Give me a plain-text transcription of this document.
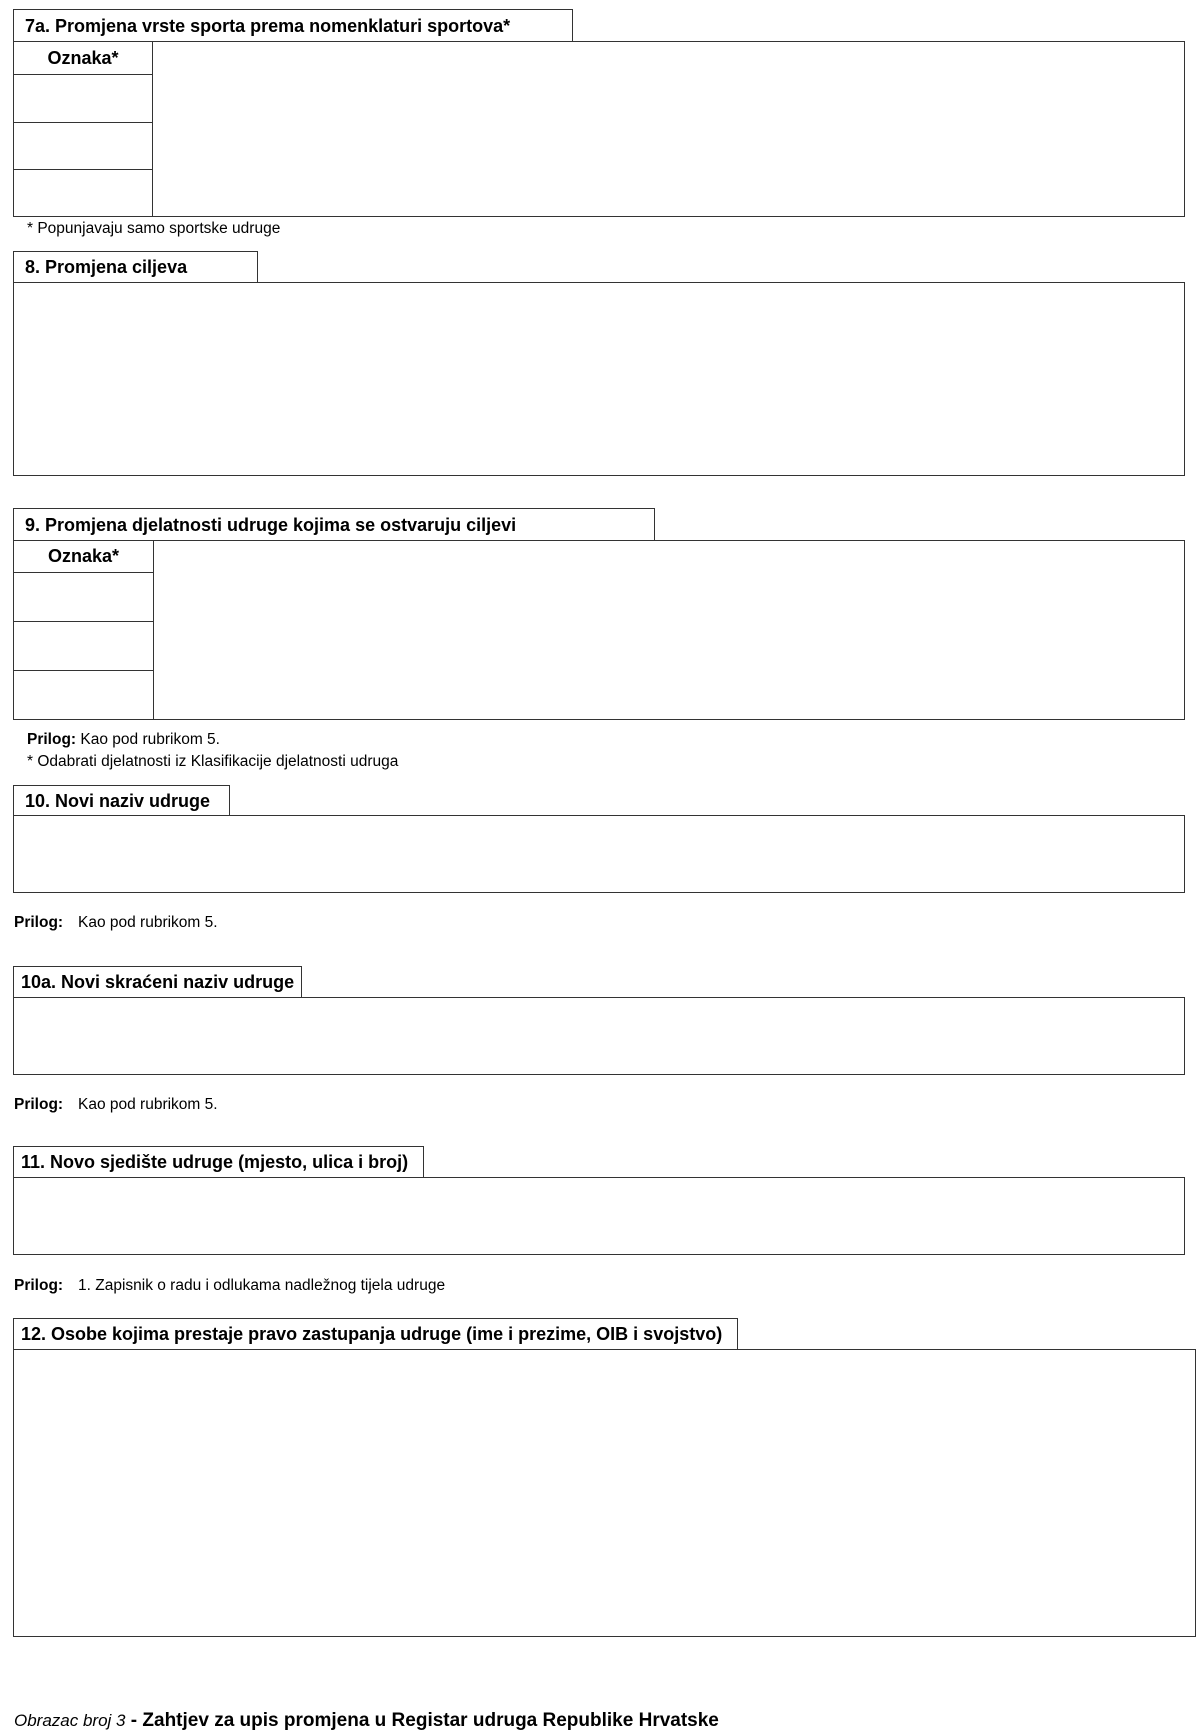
7a. Promjena vrste sporta prema nomenklaturi sportova*
Oznaka*
* Popunjavaju samo sportske udruge
8. Promjena ciljeva
9. Promjena djelatnosti udruge kojima se ostvaruju ciljevi
Oznaka*
Prilog: Kao pod rubrikom 5.
* Odabrati djelatnosti iz Klasifikacije djelatnosti udruga
10. Novi naziv udruge
Prilog: Kao pod rubrikom 5.
10a. Novi skraćeni naziv udruge
Prilog: Kao pod rubrikom 5.
11. Novo sjedište udruge (mjesto, ulica i broj)
Prilog: 1. Zapisnik o radu i odlukama nadležnog tijela udruge
12. Osobe kojima prestaje pravo zastupanja udruge (ime i prezime, OIB i svojstvo)
Obrazac broj 3 - Zahtjev za upis promjena u Registar udruga Republike Hrvatske
